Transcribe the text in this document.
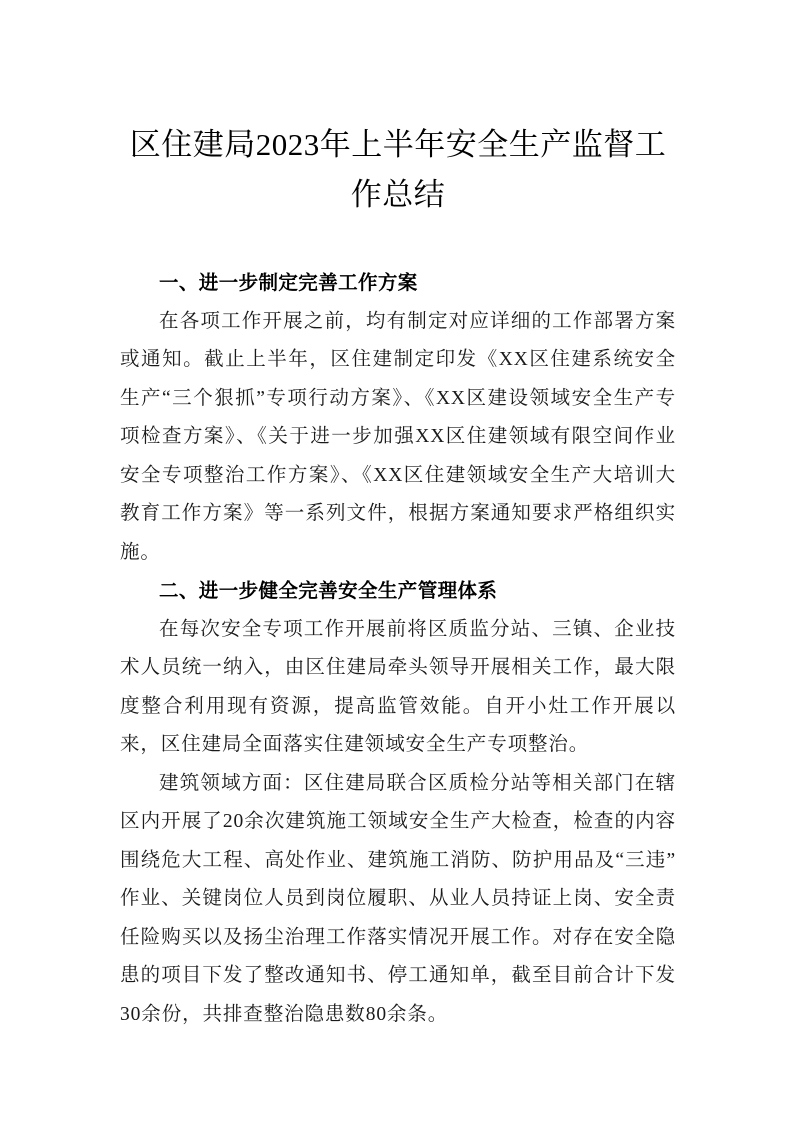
区住建局2023年上半年安全生产监督工作总结
一、进一步制定完善工作方案

在各项工作开展之前，均有制定对应详细的工作部署方案或通知。截止上半年，区住建制定印发《XX区住建系统安全生产“三个狠抓”专项行动方案》、《XX区建设领域安全生产专项检查方案》、《关于进一步加强XX区住建领域有限空间作业安全专项整治工作方案》、《XX区住建领域安全生产大培训大教育工作方案》等一系列文件，根据方案通知要求严格组织实施。

二、进一步健全完善安全生产管理体系

在每次安全专项工作开展前将区质监分站、三镇、企业技术人员统一纳入，由区住建局牵头领导开展相关工作，最大限度整合利用现有资源，提高监管效能。自开小灶工作开展以来，区住建局全面落实住建领域安全生产专项整治。

建筑领域方面：区住建局联合区质检分站等相关部门在辖区内开展了20余次建筑施工领域安全生产大检查，检查的内容围绕危大工程、高处作业、建筑施工消防、防护用品及“三违”作业、关键岗位人员到岗位履职、从业人员持证上岗、安全责任险购买以及扬尘治理工作落实情况开展工作。对存在安全隐患的项目下发了整改通知书、停工通知单，截至目前合计下发30余份，共排查整治隐患数80余条。
